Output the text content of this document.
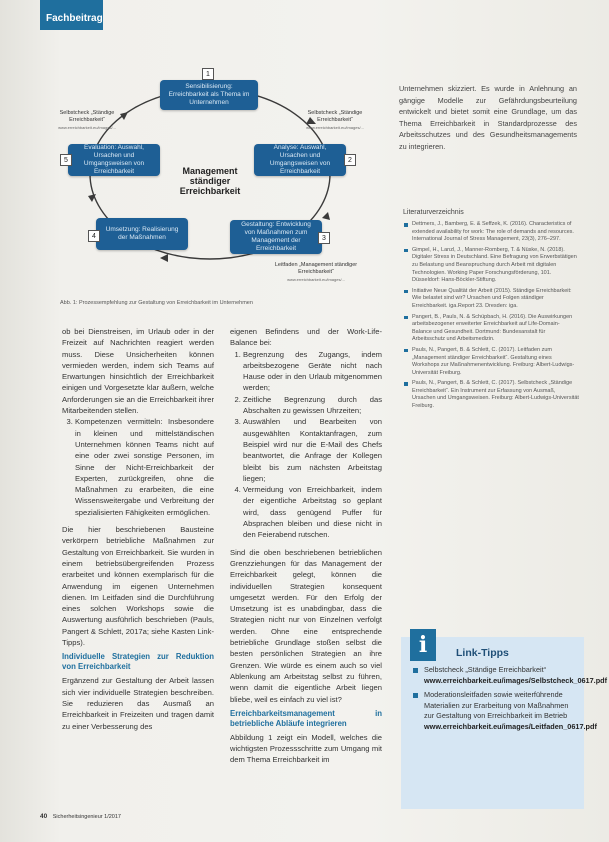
Fachbeitrag
Sensibilisierung: Erreichbarkeit als Thema im Unternehmen
1
Analyse: Auswahl, Ursachen und Umgangsweisen von Erreichbarkeit
2
Gestaltung: Entwicklung von Maßnahmen zum Management der Erreichbarkeit
3
Umsetzung: Realisierung der Maßnahmen
4
Evaluation: Auswahl, Ursachen und Umgangsweisen von Erreichbarkeit
5
Management ständiger Erreichbarkeit
Selbstcheck „Ständige Erreichbarkeit“
www.erreichbarkeit.eu/images/...
Selbstcheck „Ständige Erreichbarkeit“
www.erreichbarkeit.eu/images/...
Leitfaden „Management ständiger Erreichbarkeit“
www.erreichbarkeit.eu/images/...
Abb. 1: Prozessempfehlung zur Gestaltung von Erreichbarkeit im Unternehmen
Unternehmen skizziert. Es wurde in Anlehnung an gängige Modelle zur Gefährdungsbeurteilung entwickelt und bietet somit eine Grundlage, um das Thema Erreichbarkeit in Standardprozesse des Arbeitsschutzes und des Gesundheitsmanagements zu integrieren.
Literaturverzeichnis
Dettmers, J., Bamberg, E. & Seffzek, K. (2016). Characteristics of extended availability for work: The role of demands and resources. International Journal of Stress Management, 23(3), 276–297.
Gimpel, H., Lanzl, J., Manner-Romberg, T. & Nüske, N. (2018). Digitaler Stress in Deutschland. Eine Befragung von Erwerbstätigen zu Belastung und Beanspruchung durch Arbeit mit digitalen Technologien. Working Paper Forschungsförderung, 101. Düsseldorf: Hans-Böckler-Stiftung.
Initiative Neue Qualität der Arbeit (2015). Ständige Erreichbarkeit: Wie belastet sind wir? Ursachen und Folgen ständiger Erreichbarkeit. iga.Report 23. Dresden: iga.
Pangert, B., Pauls, N. & Schüpbach, H. (2016). Die Auswirkungen arbeitsbezogener erweiterter Erreichbarkeit auf Life-Domain-Balance und Gesundheit. Dortmund: Bundesanstalt für Arbeitsschutz und Arbeitsmedizin.
Pauls, N., Pangert, B. & Schlett, C. (2017). Leitfaden zum „Management ständiger Erreichbarkeit“. Gestaltung eines Workshops zur Maßnahmenentwicklung. Freiburg: Albert-Ludwigs-Universität Freiburg.
Pauls, N., Pangert, B. & Schlett, C. (2017). Selbstcheck „Ständige Erreichbarkeit“. Ein Instrument zur Erfassung von Ausmaß, Ursachen und Umgangsweisen. Freiburg: Albert-Ludwigs-Universität Freiburg.

ob bei Dienstreisen, im Urlaub oder in der Freizeit auf Nachrichten reagiert werden muss. Diese Unsicherheiten können vermieden werden, indem sich Teams auf Erwartungen hinsichtlich der Erreichbarkeit einigen und Vorgesetzte klar äußern, welche Anforderungen sie an die Erreichbarkeit ihrer Mitarbeitenden stellen.

3. Kompetenzen vermitteln: Insbesondere in kleinen und mittelständischen Unternehmen können Teams nicht auf eine oder zwei sonstige Personen, im Sinne der Nicht-Erreichbarkeit der Experten, zurückgreifen, ohne die Maßnahmen zu erarbeiten, die eine Wissensweitergabe und Verbreitung der spezialisierten Fähigkeiten ermöglichen.

Die hier beschriebenen Bausteine verkörpern betriebliche Maßnahmen zur Gestaltung von Erreichbarkeit. Sie wurden in einem betriebsübergreifenden Prozess erarbeitet und können exemplarisch für die Anwendung im eigenen Unternehmen dienen. Im Leitfaden sind die Durchführung eines solchen Workshops sowie die Auswertung ausführlich beschrieben (Pauls, Pangert & Schlett, 2017a; siehe Kasten Link-Tipps).

Individuelle Strategien zur Reduktion von Erreichbarkeit

Ergänzend zur Gestaltung der Arbeit lassen sich vier individuelle Strategien beschreiben. Sie reduzieren das Ausmaß an Erreichbarkeit in Freizeiten und tragen damit zu einer Verbesserung des

eigenen Befindens und der Work-Life-Balance bei:

1. Begrenzung des Zugangs, indem arbeitsbezogene Geräte nicht nach Hause oder in den Urlaub mitgenommen werden;
2. Zeitliche Begrenzung durch das Abschalten zu gewissen Uhrzeiten;
3. Auswählen und Bearbeiten von ausgewählten Kontaktanfragen, zum Beispiel wird nur die E-Mail des Chefs beantwortet, die Anfrage der Kollegen bleibt bis zum nächsten Arbeitstag liegen;
4. Vermeidung von Erreichbarkeit, indem der eigentliche Arbeitstag so geplant wird, dass genügend Puffer für Absprachen bleiben und diese nicht in den Feierabend rutschen.

Sind die oben beschriebenen betrieblichen Grenzziehungen für das Management der Erreichbarkeit gelegt, können die individuellen Strategien konsequent umgesetzt werden. Für den Erfolg der Umsetzung ist es unabdingbar, dass die Strategien nicht nur von Einzelnen verfolgt werden. Ohne eine entsprechende betriebliche Grundlage stoßen selbst die besten persönlichen Strategien an ihre Grenzen. Wie würde es einem auch so viel Ablenkung am Arbeitstag selbst zu führen, wenn damit die eigentliche Arbeit liegen bliebe, weil es einfach zu viel ist?

Erreichbarkeitsmanagement in betriebliche Abläufe integrieren

Abbildung 1 zeigt ein Modell, welches die wichtigsten Prozessschritte zum Umgang mit dem Thema Erreichbarkeit im

i	Link-Tipps
Selbstcheck „Ständige Erreichbarkeit“
www.erreichbarkeit.eu/images/Selbstcheck_0617.pdf
Moderationsleitfaden sowie weiterführende Materialien zur Erarbeitung von Maßnahmen zur Gestaltung von Erreichbarkeit im Betrieb
www.erreichbarkeit.eu/images/Leitfaden_0617.pdf
40 Sicherheitsingenieur 1/2017
